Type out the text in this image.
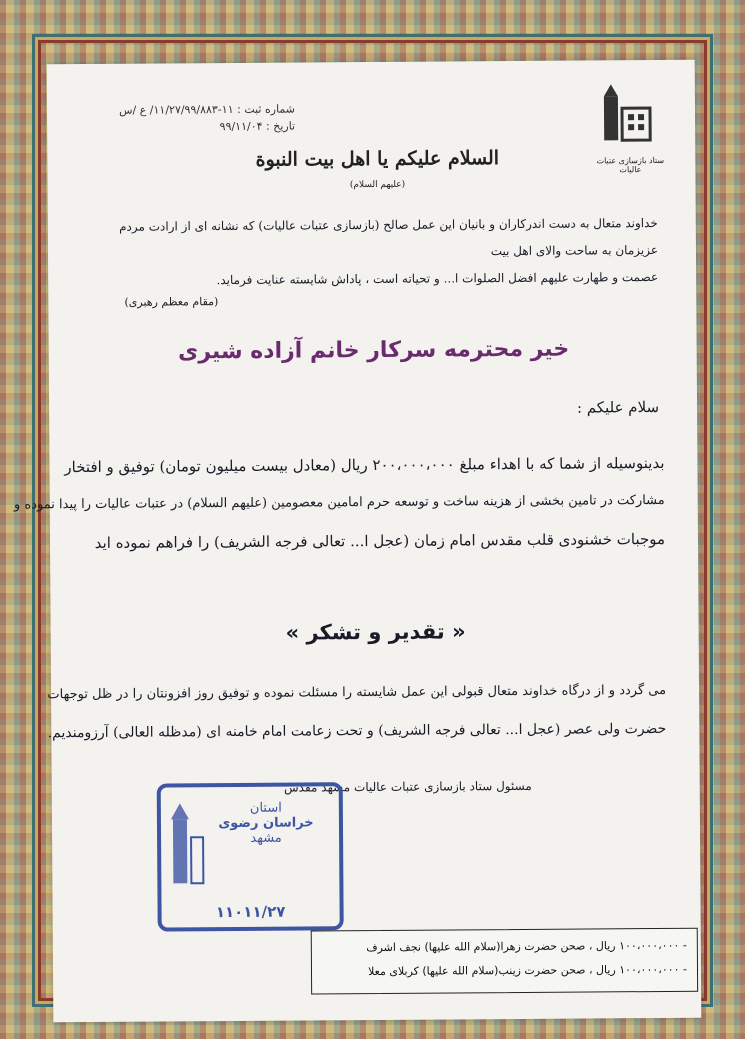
شماره ثبت : ۱۱-۱۱/۲۷/۹۹/۸۸۳/ ع /س
تاریخ : ۹۹/۱۱/۰۴
ستاد بازسازی عتبات عالیات
السلام علیکم یا اهل بیت النبوة (علیهم السلام)
خداوند متعال به دست اندرکاران و بانیان این عمل صالح (بازسازی عتبات عالیات) که نشانه ای از ارادت مردم عزیزمان به ساحت والای اهل بیت
عصمت و طهارت علیهم افضل الصلوات ا... و تحیاته است ، پاداش شایسته عنایت فرماید.
(مقام معظم رهبری)
خیر محترمه سرکار خانم آزاده شیری
سلام علیکم :
بدینوسیله از شما که با اهداء مبلغ ۲۰۰،۰۰۰،۰۰۰ ریال (معادل بیست میلیون تومان) توفیق و افتخار
مشارکت در تامین بخشی از هزینه ساخت و توسعه حرم امامین معصومین (علیهم السلام) در عتبات عالیات را پیدا نموده و
موجبات خشنودی قلب مقدس امام زمان (عجل ا... تعالی فرجه الشریف) را فراهم نموده اید
« تقدیر و تشکر »
می گردد و از درگاه خداوند متعال قبولی این عمل شایسته را مسئلت نموده و توفیق روز افزونتان را در ظل توجهات
حضرت ولی عصر (عجل ا... تعالی فرجه الشریف) و تحت زعامت امام خامنه ای (مدظله العالی) آرزومندیم.
مسئول ستاد بازسازی عتبات عالیات مشهد مقدس
استان
خراسان رضوی
مشهد
۱۱۰۱۱/۲۷
- ۱۰۰،۰۰۰،۰۰۰ ریال ، صحن حضرت زهرا(سلام الله علیها) نجف اشرف
- ۱۰۰،۰۰۰،۰۰۰ ریال ، صحن حضرت زینب(سلام الله علیها) کربلای معلا
